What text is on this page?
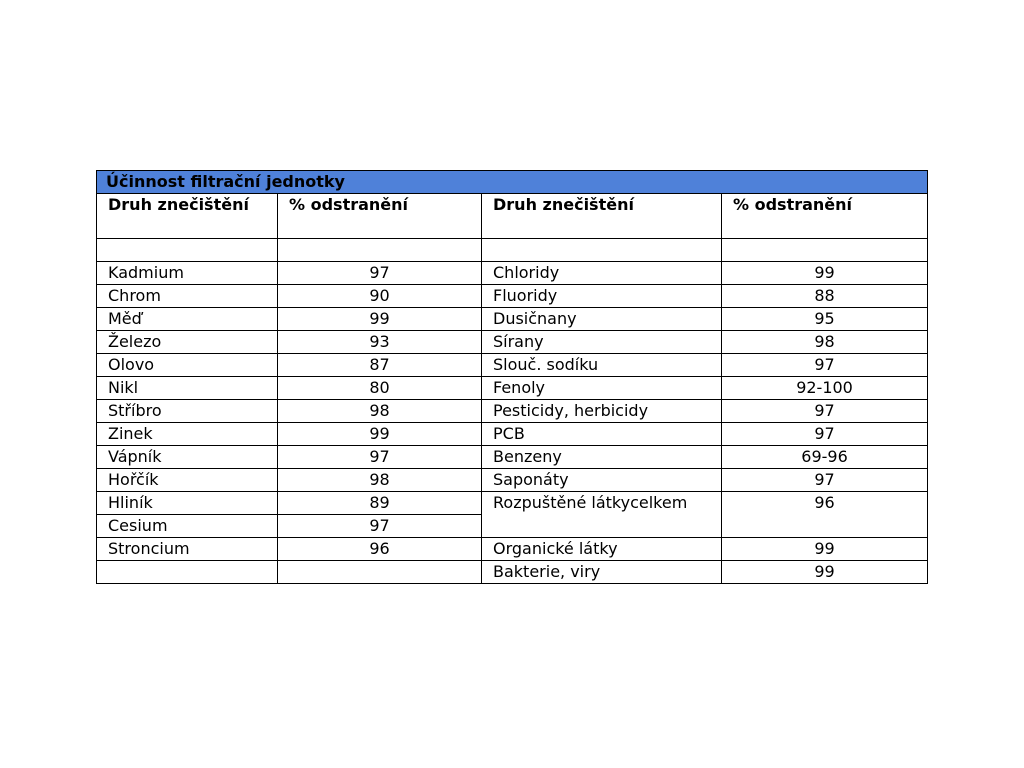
Účinnost filtrační jednotky			
Druh znečištění	% odstranění	Druh znečištění	% odstranění

Kadmium	97	Chloridy	99
Chrom	90	Fluoridy	88
Měď	99	Dusičnany	95
Železo	93	Sírany	98
Olovo	87	Slouč. sodíku	97
Nikl	80	Fenoly	92-100
Stříbro	98	Pesticidy, herbicidy	97
Zinek	99	PCB	97
Vápník	97	Benzeny	69-96
Hořčík	98	Saponáty	97
Hliník	89	Rozpuštěné látkycelkem	96
Cesium	97		
Stroncium	96	Organické látky	99
		Bakterie, viry	99
